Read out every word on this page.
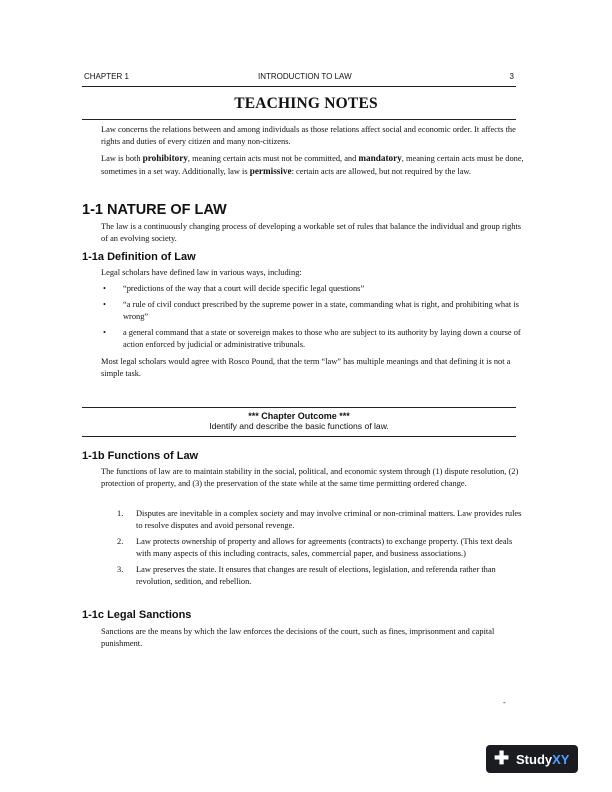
CHAPTER 1	INTRODUCTION TO LAW	3
TEACHING NOTES
Law concerns the relations between and among individuals as those relations affect social and economic order. It affects the rights and duties of every citizen and many non-citizens.
Law is both prohibitory, meaning certain acts must not be committed, and mandatory, meaning certain acts must be done, sometimes in a set way. Additionally, law is permissive: certain acts are allowed, but not required by the law.
1-1 NATURE OF LAW
The law is a continuously changing process of developing a workable set of rules that balance the individual and group rights of an evolving society.
1-1a Definition of Law
Legal scholars have defined law in various ways, including:
• “predictions of the way that a court will decide specific legal questions”
• “a rule of civil conduct prescribed by the supreme power in a state, commanding what is right, and prohibiting what is wrong”
• a general command that a state or sovereign makes to those who are subject to its authority by laying down a course of action enforced by judicial or administrative tribunals.
Most legal scholars would agree with Rosco Pound, that the term “law” has multiple meanings and that defining it is not a simple task.
*** Chapter Outcome ***
Identify and describe the basic functions of law.
1-1b Functions of Law
The functions of law are to maintain stability in the social, political, and economic system through (1) dispute resolution, (2) protection of property, and (3) the preservation of the state while at the same time permitting ordered change.
1. Disputes are inevitable in a complex society and may involve criminal or non-criminal matters. Law provides rules to resolve disputes and avoid personal revenge.
2. Law protects ownership of property and allows for agreements (contracts) to exchange property. (This text deals with many aspects of this including contracts, sales, commercial paper, and business associations.)
3. Law preserves the state. It ensures that changes are result of elections, legislation, and referenda rather than revolution, sedition, and rebellion.
1-1c Legal Sanctions
Sanctions are the means by which the law enforces the decisions of the court, such as fines, imprisonment and capital punishment.
-
✚ StudyXY
